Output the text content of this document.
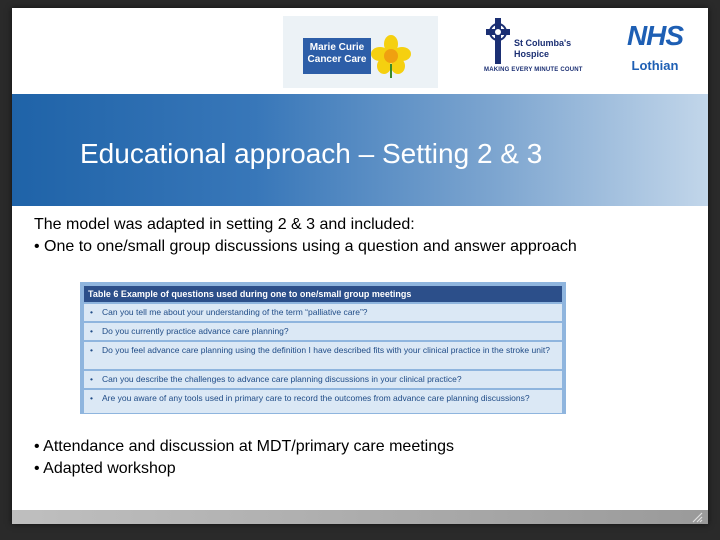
Marie Curie
Cancer Care
St Columba's
Hospice
MAKING EVERY MINUTE COUNT
NHS
Lothian
Educational approach – Setting 2 & 3
The model was adapted in setting 2 & 3 and included:
• One to one/small group discussions using a question and answer approach
Table 6 Example of questions used during one to one/small group meetings
• Can you tell me about your understanding of the term “palliative care”?
• Do you currently practice advance care planning?
• Do you feel advance care planning using the definition I have described fits with your clinical practice in the stroke unit?
• Can you describe the challenges to advance care planning discussions in your clinical practice?
• Are you aware of any tools used in primary care to record the outcomes from advance care planning discussions?
• Attendance and discussion at MDT/primary care meetings
• Adapted workshop
